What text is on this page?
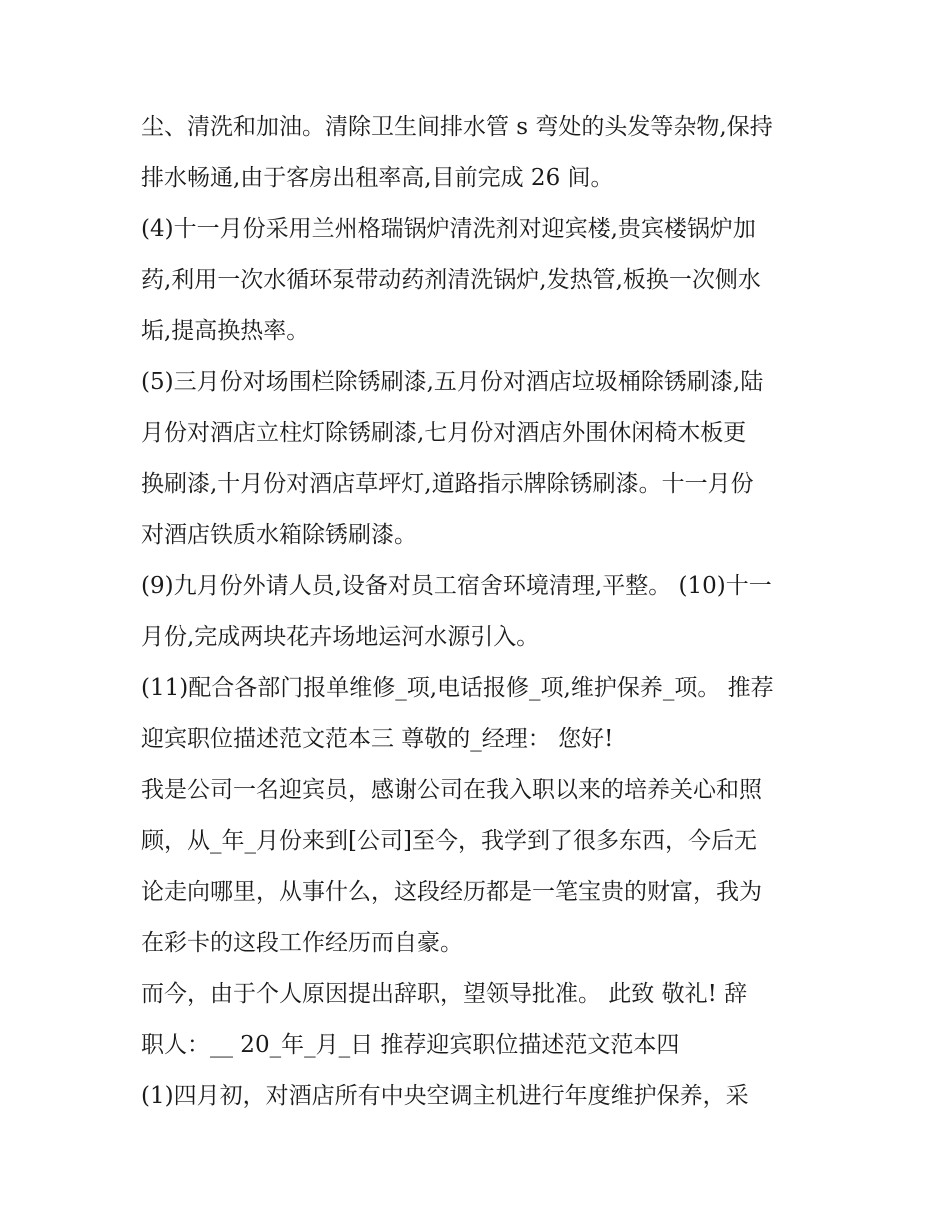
尘、清洗和加油。清除卫生间排水管 s 弯处的头发等杂物,保持
排水畅通,由于客房出租率高,目前完成 26 间。
(4)十一月份采用兰州格瑞锅炉清洗剂对迎宾楼,贵宾楼锅炉加
药,利用一次水循环泵带动药剂清洗锅炉,发热管,板换一次侧水
垢,提高换热率。
(5)三月份对场围栏除锈刷漆,五月份对酒店垃圾桶除锈刷漆,陆
月份对酒店立柱灯除锈刷漆,七月份对酒店外围休闲椅木板更
换刷漆,十月份对酒店草坪灯,道路指示牌除锈刷漆。十一月份
对酒店铁质水箱除锈刷漆。
(9)九月份外请人员,设备对员工宿舍环境清理,平整。 (10)十一
月份,完成两块花卉场地运河水源引入。
(11)配合各部门报单维修_项,电话报修_项,维护保养_项。 推荐
迎宾职位描述范文范本三 尊敬的_经理： 您好!
我是公司一名迎宾员，感谢公司在我入职以来的培养关心和照
顾，从_年_月份来到[公司]至今，我学到了很多东西，今后无
论走向哪里，从事什么，这段经历都是一笔宝贵的财富，我为
在彩卡的这段工作经历而自豪。
而今，由于个人原因提出辞职，望领导批准。 此致 敬礼! 辞
职人：__ 20_年_月_日 推荐迎宾职位描述范文范本四
(1)四月初，对酒店所有中央空调主机进行年度维护保养，采
